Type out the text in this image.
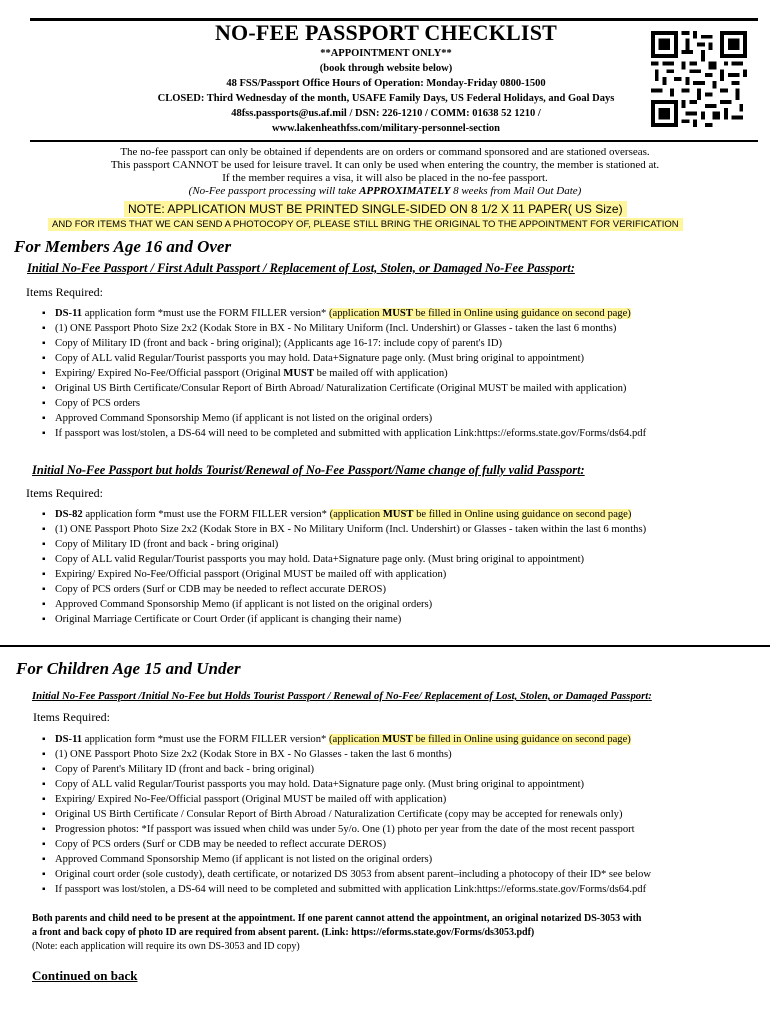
NO-FEE PASSPORT CHECKLIST
**APPOINTMENT ONLY**
(book through website below)
48 FSS/Passport Office Hours of Operation: Monday-Friday 0800-1500
CLOSED: Third Wednesday of the month, USAFE Family Days, US Federal Holidays, and Goal Days
48fss.passports@us.af.mil / DSN: 226-1210 / COMM: 01638 52 1210 /
www.lakenheathfss.com/military-personnel-section
The no-fee passport can only be obtained if dependents are on orders or command sponsored and are stationed overseas.
This passport CANNOT be used for leisure travel. It can only be used when entering the country, the member is stationed at.
If the member requires a visa, it will also be placed in the no-fee passport.
(No-Fee passport processing will take APPROXIMATELY 8 weeks from Mail Out Date)
NOTE: APPLICATION MUST BE PRINTED SINGLE-SIDED ON 8 1/2 X 11 PAPER( US Size)
AND FOR ITEMS THAT WE CAN SEND A PHOTOCOPY OF, PLEASE STILL BRING THE ORIGINAL TO THE APPOINTMENT FOR VERIFICATION
For Members Age 16 and Over
Initial No-Fee Passport / First Adult Passport / Replacement of Lost, Stolen, or Damaged No-Fee Passport:
Items Required:
▪ DS-11 application form *must use the FORM FILLER version* (application MUST be filled in Online using guidance on second page)
▪ (1) ONE Passport Photo Size 2x2 (Kodak Store in BX - No Military Uniform (Incl. Undershirt) or Glasses - taken the last 6 months)
▪ Copy of Military ID (front and back - bring original); (Applicants age 16-17: include copy of parent's ID)
▪ Copy of ALL valid Regular/Tourist passports you may hold. Data+Signature page only. (Must bring original to appointment)
▪ Expiring/ Expired No-Fee/Official passport (Original MUST be mailed off with application)
▪ Original US Birth Certificate/Consular Report of Birth Abroad/ Naturalization Certificate (Original MUST be mailed with application)
▪ Copy of PCS orders
▪ Approved Command Sponsorship Memo (if applicant is not listed on the original orders)
▪ If passport was lost/stolen, a DS-64 will need to be completed and submitted with application Link:https://eforms.state.gov/Forms/ds64.pdf
Initial No-Fee Passport but holds Tourist/Renewal of No-Fee Passport/Name change of fully valid Passport:
Items Required:
▪ DS-82 application form *must use the FORM FILLER version* (application MUST be filled in Online using guidance on second page)
▪ (1) ONE Passport Photo Size 2x2 (Kodak Store in BX - No Military Uniform (Incl. Undershirt) or Glasses - taken within the last 6 months)
▪ Copy of Military ID (front and back - bring original)
▪ Copy of ALL valid Regular/Tourist passports you may hold. Data+Signature page only. (Must bring original to appointment)
▪ Expiring/ Expired No-Fee/Official passport (Original MUST be mailed off with application)
▪ Copy of PCS orders (Surf or CDB may be needed to reflect accurate DEROS)
▪ Approved Command Sponsorship Memo (if applicant is not listed on the original orders)
▪ Original Marriage Certificate or Court Order (if applicant is changing their name)
For Children Age 15 and Under
Initial No-Fee Passport /Initial No-Fee but Holds Tourist Passport / Renewal of No-Fee/ Replacement of Lost, Stolen, or Damaged Passport:
Items Required:
▪ DS-11 application form *must use the FORM FILLER version* (application MUST be filled in Online using guidance on second page)
▪ (1) ONE Passport Photo Size 2x2 (Kodak Store in BX - No Glasses - taken the last 6 months)
▪ Copy of Parent's Military ID (front and back - bring original)
▪ Copy of ALL valid Regular/Tourist passports you may hold. Data+Signature page only. (Must bring original to appointment)
▪ Expiring/ Expired No-Fee/Official passport (Original MUST be mailed off with application)
▪ Original US Birth Certificate / Consular Report of Birth Abroad / Naturalization Certificate (copy may be accepted for renewals only)
▪ Progression photos: *If passport was issued when child was under 5y/o. One (1) photo per year from the date of the most recent passport
▪ Copy of PCS orders (Surf or CDB may be needed to reflect accurate DEROS)
▪ Approved Command Sponsorship Memo (if applicant is not listed on the original orders)
▪ Original court order (sole custody), death certificate, or notarized DS 3053 from absent parent–including a photocopy of their ID* see below
▪ If passport was lost/stolen, a DS-64 will need to be completed and submitted with application Link:https://eforms.state.gov/Forms/ds64.pdf
Both parents and child need to be present at the appointment. If one parent cannot attend the appointment, an original notarized DS-3053 with
a front and back copy of photo ID are required from absent parent. (Link: https://eforms.state.gov/Forms/ds3053.pdf)
(Note: each application will require its own DS-3053 and ID copy)
Continued on back
